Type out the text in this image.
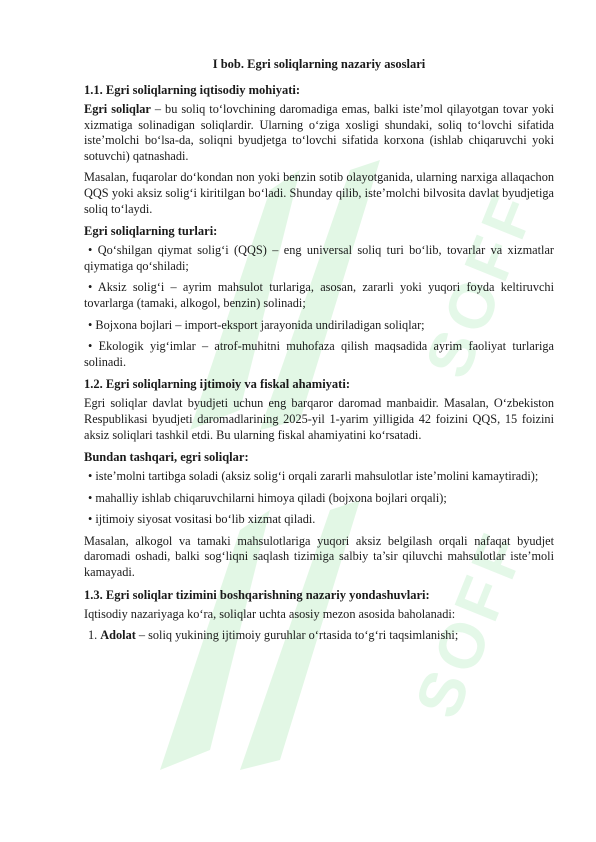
SOFF
SOFF
I bob. Egri soliqlarning nazariy asoslari
1.1. Egri soliqlarning iqtisodiy mohiyati:

Egri soliqlar – bu soliq to‘lovchining daromadiga emas, balki iste’mol qilayotgan tovar yoki xizmatiga solinadigan soliqlardir. Ularning o‘ziga xosligi shundaki, soliq to‘lovchi sifatida iste’molchi bo‘lsa-da, soliqni byudjetga to‘lovchi sifatida korxona (ishlab chiqaruvchi yoki sotuvchi) qatnashadi.

Masalan, fuqarolar do‘kondan non yoki benzin sotib olayotganida, ularning narxiga allaqachon QQS yoki aksiz solig‘i kiritilgan bo‘ladi. Shunday qilib, iste’molchi bilvosita davlat byudjetiga soliq to‘laydi.

Egri soliqlarning turlari:

• Qo‘shilgan qiymat solig‘i (QQS) – eng universal soliq turi bo‘lib, tovarlar va xizmatlar qiymatiga qo‘shiladi;

• Aksiz solig‘i – ayrim mahsulot turlariga, asosan, zararli yoki yuqori foyda keltiruvchi tovarlarga (tamaki, alkogol, benzin) solinadi;

• Bojxona bojlari – import-eksport jarayonida undiriladigan soliqlar;

• Ekologik yig‘imlar – atrof-muhitni muhofaza qilish maqsadida ayrim faoliyat turlariga solinadi.

1.2. Egri soliqlarning ijtimoiy va fiskal ahamiyati:

Egri soliqlar davlat byudjeti uchun eng barqaror daromad manbaidir. Masalan, O‘zbekiston Respublikasi byudjeti daromadlarining 2025-yil 1-yarim yilligida 42 foizini QQS, 15 foizini aksiz soliqlari tashkil etdi. Bu ularning fiskal ahamiyatini ko‘rsatadi.

Bundan tashqari, egri soliqlar:

• iste’molni tartibga soladi (aksiz solig‘i orqali zararli mahsulotlar iste’molini kamaytiradi);

• mahalliy ishlab chiqaruvchilarni himoya qiladi (bojxona bojlari orqali);

• ijtimoiy siyosat vositasi bo‘lib xizmat qiladi.

Masalan, alkogol va tamaki mahsulotlariga yuqori aksiz belgilash orqali nafaqat byudjet daromadi oshadi, balki sog‘liqni saqlash tizimiga salbiy ta’sir qiluvchi mahsulotlar iste’moli kamayadi.

1.3. Egri soliqlar tizimini boshqarishning nazariy yondashuvlari:

Iqtisodiy nazariyaga ko‘ra, soliqlar uchta asosiy mezon asosida baholanadi:

1. Adolat – soliq yukining ijtimoiy guruhlar o‘rtasida to‘g‘ri taqsimlanishi;
